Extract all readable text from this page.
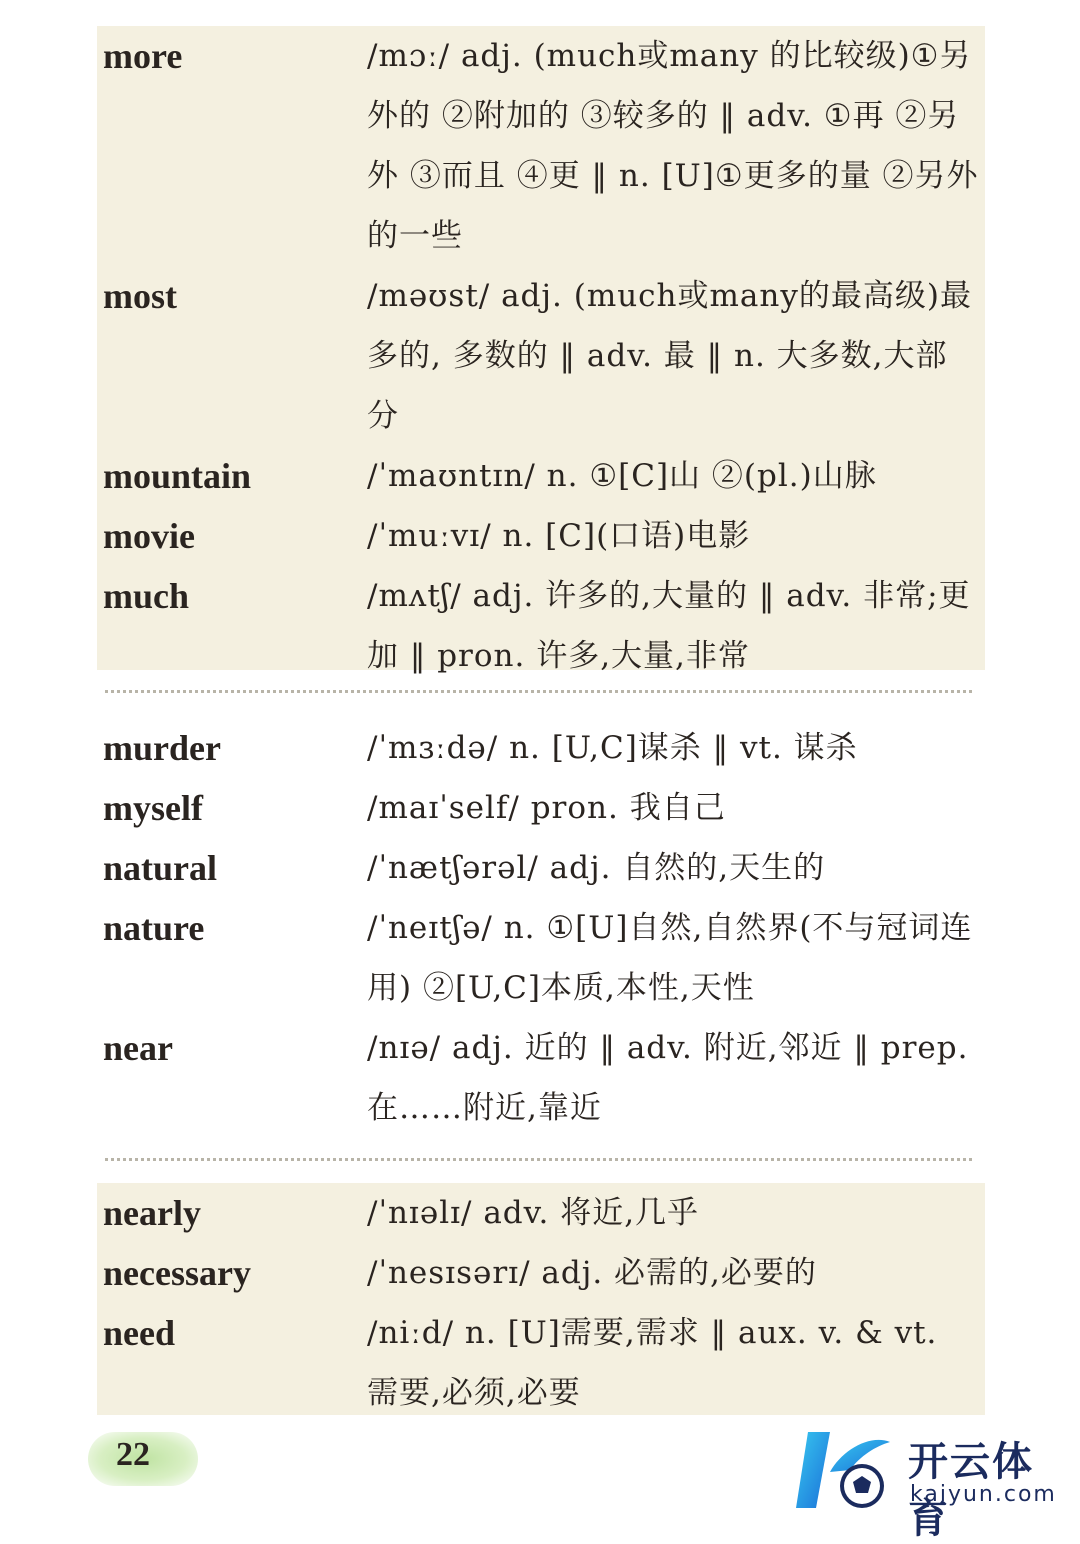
more	/mɔː/ adj. (much或many 的比较级)①另外的 ②附加的 ③较多的 ‖ adv. ①再 ②另外 ③而且 ④更 ‖ n. [U]①更多的量 ②另外的一些
most	/məʊst/ adj. (much或many的最高级)最多的, 多数的 ‖ adv. 最 ‖ n. 大多数,大部分
mountain	/ˈmaʊntɪn/ n. ①[C]山 ②(pl.)山脉
movie	/ˈmuːvɪ/ n. [C](口语)电影
much	/mʌtʃ/ adj. 许多的,大量的 ‖ adv. 非常;更加 ‖ pron. 许多,大量,非常
murder	/ˈmɜːdə/ n. [U,C]谋杀 ‖ vt. 谋杀
myself	/maɪˈself/ pron. 我自己
natural	/ˈnætʃərəl/ adj. 自然的,天生的
nature	/ˈneɪtʃə/ n. ①[U]自然,自然界(不与冠词连用) ②[U,C]本质,本性,天性
near	/nɪə/ adj. 近的 ‖ adv. 附近,邻近 ‖ prep. 在……附近,靠近
nearly	/ˈnɪəlɪ/ adv. 将近,几乎
necessary	/ˈnesɪsərɪ/ adj. 必需的,必要的
need	/niːd/ n. [U]需要,需求 ‖ aux. v. & vt. 需要,必须,必要
22	开云体育
kaiyun.com
